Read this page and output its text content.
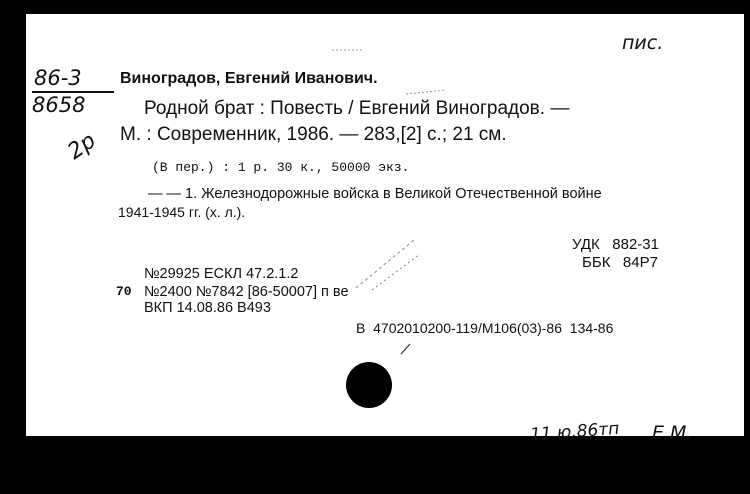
86-3
8658
2р
пис.
Виноградов, Евгений Иванович.
Родной брат : Повесть / Евгений Виноградов. —
М. : Современник, 1986. — 283,[2] с.; 21 см.
(В пер.) : 1 р. 30 к., 50000 экз.
— — 1. Железнодорожные войска в Великой Отечественной войне
1941-1945 гг. (х. л.).
УДК   882-31
ББК   84Р7
№29925 ЕСКЛ 47.2.1.2
70 №2400 №7842 [86-50007] п ве
ВКП 14.08.86 В493
В  4702010200-119/М106(03)-86  134-86
11.ю.86тп Е.М.
